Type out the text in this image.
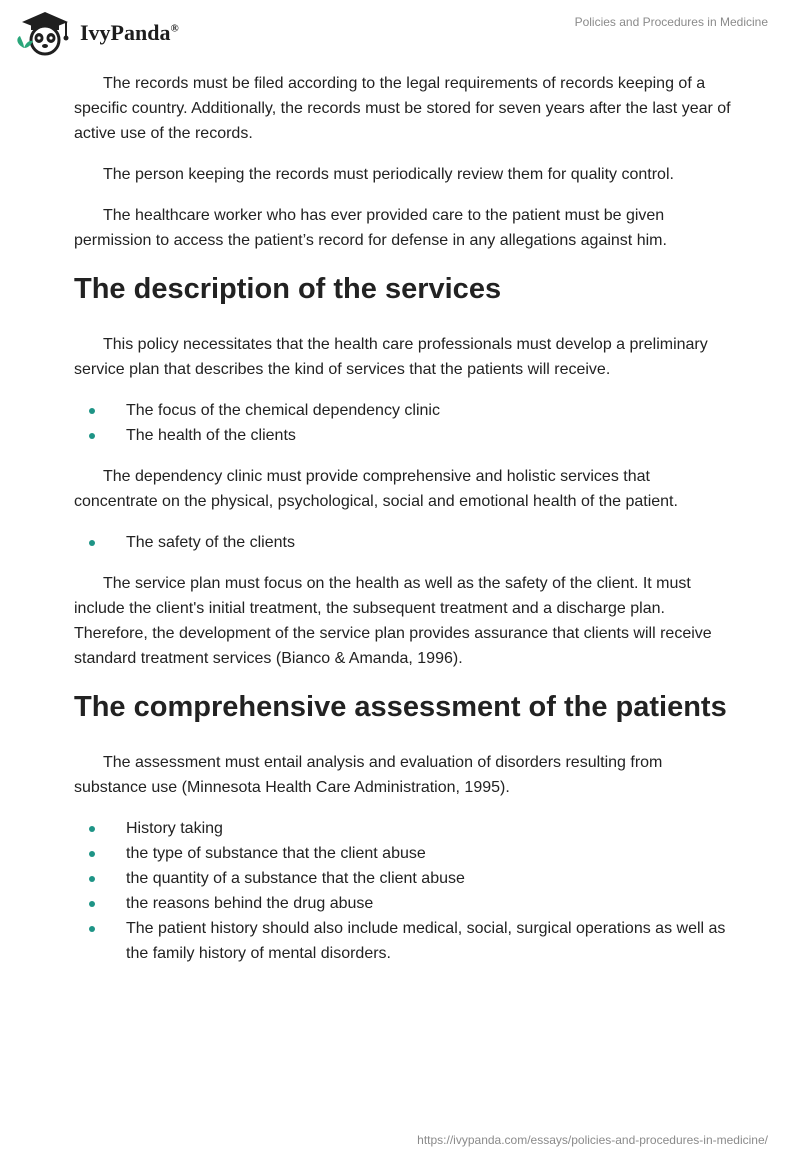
IvyPanda®	Policies and Procedures in Medicine

The records must be filed according to the legal requirements of records keeping of a specific country. Additionally, the records must be stored for seven years after the last year of active use of the records.

The person keeping the records must periodically review them for quality control.

The healthcare worker who has ever provided care to the patient must be given permission to access the patient’s record for defense in any allegations against him.

The description of the services

This policy necessitates that the health care professionals must develop a preliminary service plan that describes the kind of services that the patients will receive.

The focus of the chemical dependency clinic
The health of the clients

The dependency clinic must provide comprehensive and holistic services that concentrate on the physical, psychological, social and emotional health of the patient.

The safety of the clients

The service plan must focus on the health as well as the safety of the client. It must include the client's initial treatment, the subsequent treatment and a discharge plan. Therefore, the development of the service plan provides assurance that clients will receive standard treatment services (Bianco & Amanda, 1996).

The comprehensive assessment of the patients

The assessment must entail analysis and evaluation of disorders resulting from substance use (Minnesota Health Care Administration, 1995).

History taking
the type of substance that the client abuse
the quantity of a substance that the client abuse
the reasons behind the drug abuse
The patient history should also include medical, social, surgical operations as well as the family history of mental disorders.
https://ivypanda.com/essays/policies-and-procedures-in-medicine/
